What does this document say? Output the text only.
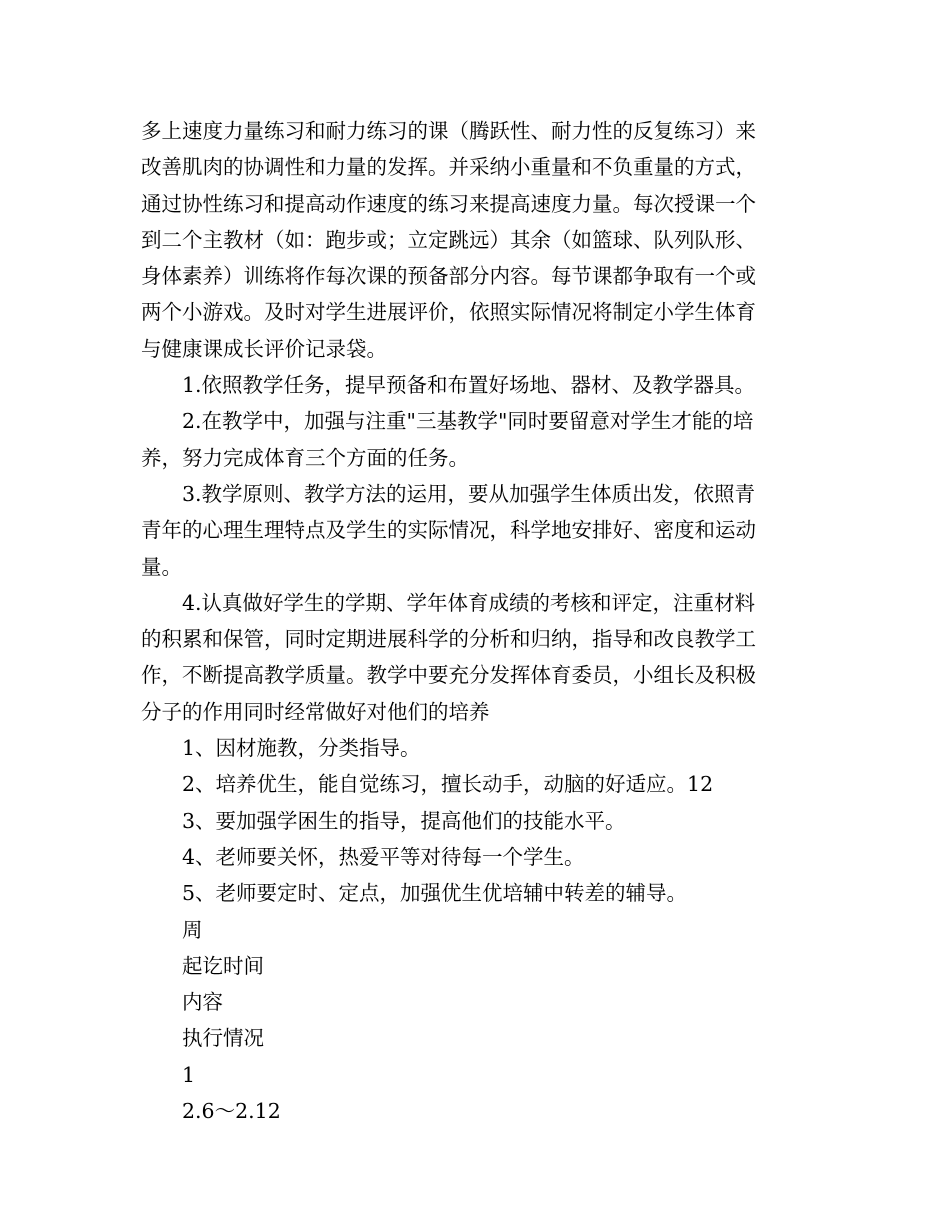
多上速度力量练习和耐力练习的课（腾跃性、耐力性的反复练习）来
改善肌肉的协调性和力量的发挥。并采纳小重量和不负重量的方式，
通过协性练习和提高动作速度的练习来提高速度力量。每次授课一个
到二个主教材（如：跑步或；立定跳远）其余（如篮球、队列队形、
身体素养）训练将作每次课的预备部分内容。每节课都争取有一个或
两个小游戏。及时对学生进展评价，依照实际情况将制定小学生体育
与健康课成长评价记录袋。
1.依照教学任务，提早预备和布置好场地、器材、及教学器具。
2.在教学中，加强与注重"三基教学"同时要留意对学生才能的培
养，努力完成体育三个方面的任务。
3.教学原则、教学方法的运用，要从加强学生体质出发，依照青
青年的心理生理特点及学生的实际情况，科学地安排好、密度和运动
量。
4.认真做好学生的学期、学年体育成绩的考核和评定，注重材料
的积累和保管，同时定期进展科学的分析和归纳，指导和改良教学工
作，不断提高教学质量。教学中要充分发挥体育委员，小组长及积极
分子的作用同时经常做好对他们的培养
1、因材施教，分类指导。
2、培养优生，能自觉练习，擅长动手，动脑的好适应。12
3、要加强学困生的指导，提高他们的技能水平。
4、老师要关怀，热爱平等对待每一个学生。
5、老师要定时、定点，加强优生优培辅中转差的辅导。
周
起讫时间
内容
执行情况
1
2.6～2.12
